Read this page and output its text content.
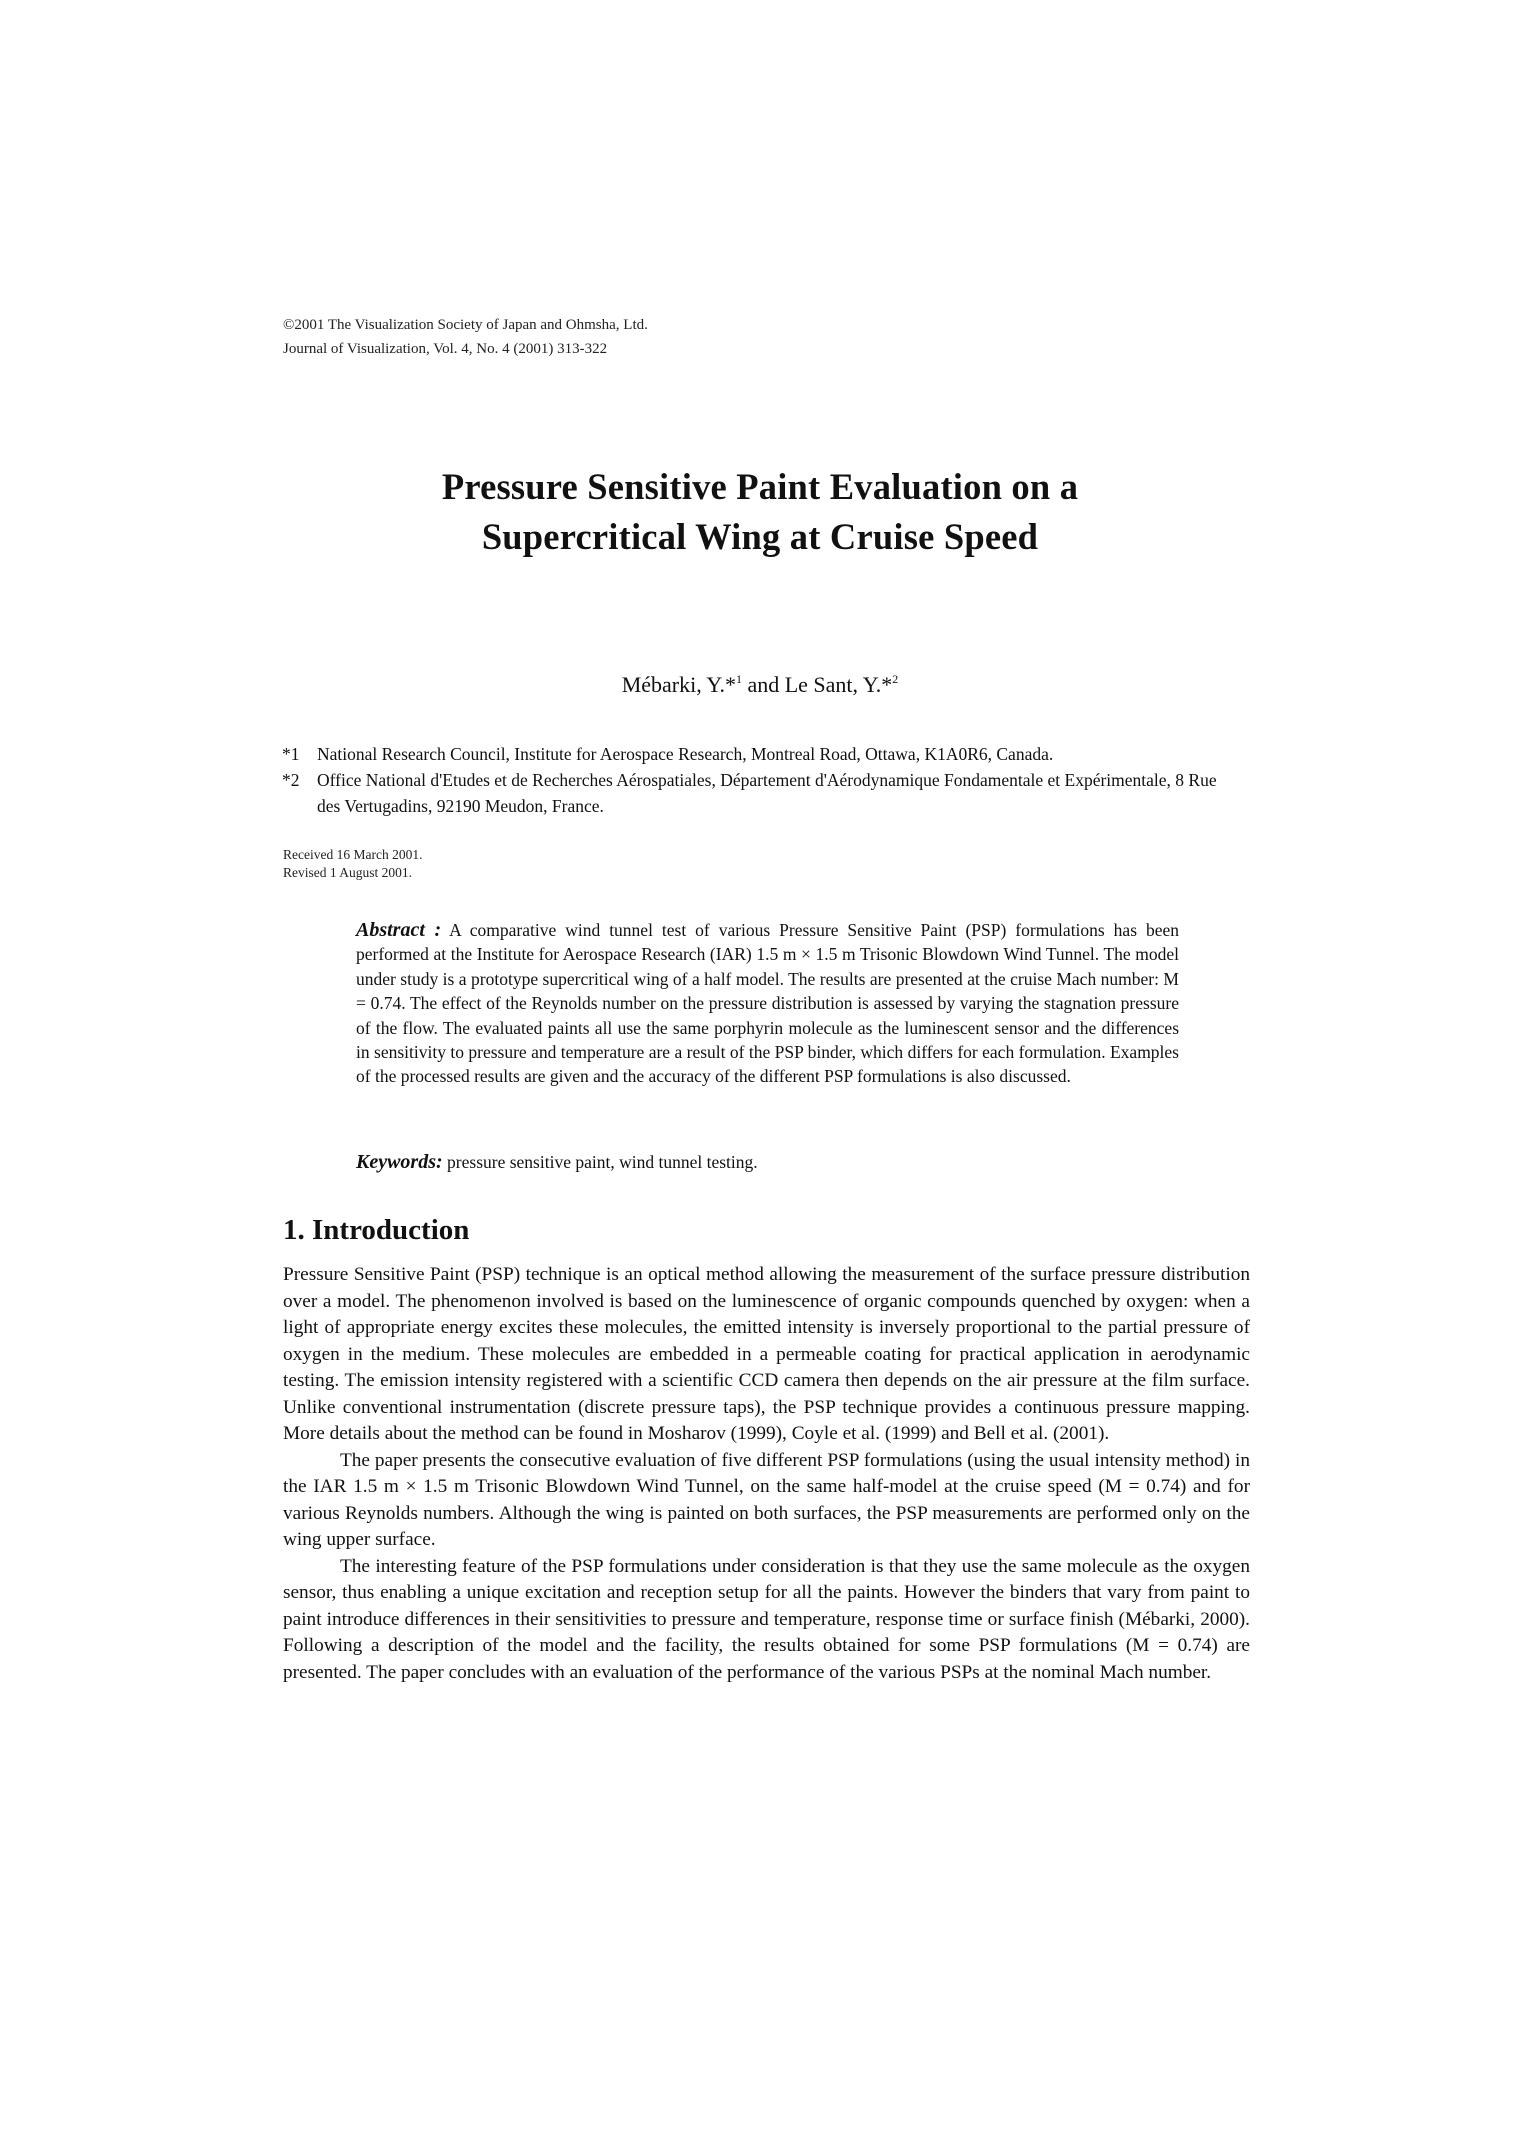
©2001 The Visualization Society of Japan and Ohmsha, Ltd.
Journal of Visualization, Vol. 4, No. 4 (2001) 313-322
Pressure Sensitive Paint Evaluation on a
Supercritical Wing at Cruise Speed
Mébarki, Y.*$^1$ and Le Sant, Y.*$^2$
*1 National Research Council, Institute for Aerospace Research, Montreal Road, Ottawa, K1A0R6, Canada.
*2 Office National d'Etudes et de Recherches Aérospatiales, Département d'Aérodynamique Fondamentale et Expérimentale, 8 Rue des Vertugadins, 92190 Meudon, France.
Received 16 March 2001.
Revised 1 August 2001.
Abstract : A comparative wind tunnel test of various Pressure Sensitive Paint (PSP) formulations has been performed at the Institute for Aerospace Research (IAR) 1.5 m × 1.5 m Trisonic Blowdown Wind Tunnel. The model under study is a prototype supercritical wing of a half model. The results are presented at the cruise Mach number: M = 0.74. The effect of the Reynolds number on the pressure distribution is assessed by varying the stagnation pressure of the flow. The evaluated paints all use the same porphyrin molecule as the luminescent sensor and the differences in sensitivity to pressure and temperature are a result of the PSP binder, which differs for each formulation. Examples of the processed results are given and the accuracy of the different PSP formulations is also discussed.
Keywords: pressure sensitive paint, wind tunnel testing.
1. Introduction

Pressure Sensitive Paint (PSP) technique is an optical method allowing the measurement of the surface pressure distribution over a model. The phenomenon involved is based on the luminescence of organic compounds quenched by oxygen: when a light of appropriate energy excites these molecules, the emitted intensity is inversely proportional to the partial pressure of oxygen in the medium. These molecules are embedded in a permeable coating for practical application in aerodynamic testing. The emission intensity registered with a scientific CCD camera then depends on the air pressure at the film surface. Unlike conventional instrumentation (discrete pressure taps), the PSP technique provides a continuous pressure mapping. More details about the method can be found in Mosharov (1999), Coyle et al. (1999) and Bell et al. (2001).

The paper presents the consecutive evaluation of five different PSP formulations (using the usual intensity method) in the IAR 1.5 m × 1.5 m Trisonic Blowdown Wind Tunnel, on the same half-model at the cruise speed (M = 0.74) and for various Reynolds numbers. Although the wing is painted on both surfaces, the PSP measurements are performed only on the wing upper surface.

The interesting feature of the PSP formulations under consideration is that they use the same molecule as the oxygen sensor, thus enabling a unique excitation and reception setup for all the paints. However the binders that vary from paint to paint introduce differences in their sensitivities to pressure and temperature, response time or surface finish (Mébarki, 2000). Following a description of the model and the facility, the results obtained for some PSP formulations (M = 0.74) are presented. The paper concludes with an evaluation of the performance of the various PSPs at the nominal Mach number.
